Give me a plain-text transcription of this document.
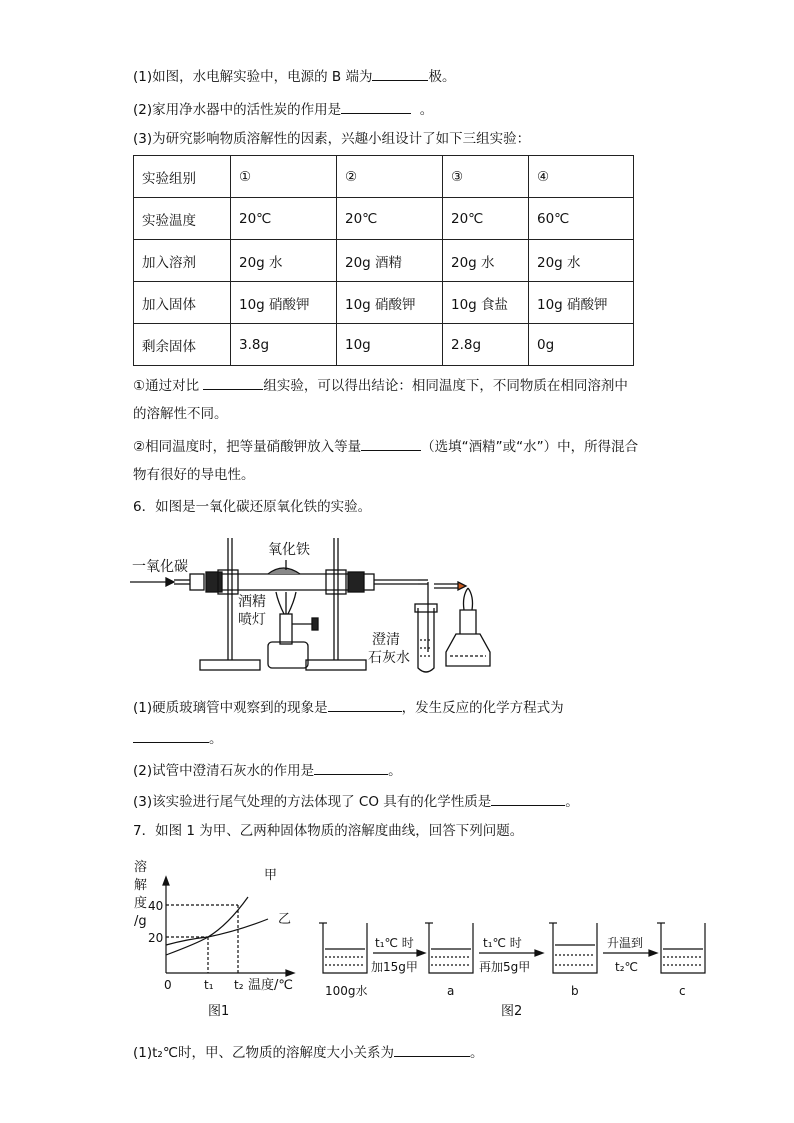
(1)如图，水电解实验中，电源的 B 端为	极。
(2)家用净水器中的活性炭的作用是	。
(3)为研究影响物质溶解性的因素，兴趣小组设计了如下三组实验：
实验组别	①	②	③	④
实验温度	20℃	20℃	20℃	60℃
加入溶剂	20g 水	20g 酒精	20g 水	20g 水
加入固体	10g 硝酸钾	10g 硝酸钾	10g 食盐	10g 硝酸钾
剩余固体	3.8g	10g	2.8g	0g
①通过对比	组实验，可以得出结论：相同温度下，不同物质在相同溶剂中
的溶解性不同。
②相同温度时，把等量硝酸钾放入等量	（选填“酒精”或“水”）中，所得混合
物有很好的导电性。
6．如图是一氧化碳还原氧化铁的实验。
一氧化碳
氧化铁
酒精
喷灯
澄清
石灰水
(1)硬质玻璃管中观察到的现象是	，发生反应的化学方程式为
。
(2)试管中澄清石灰水的作用是	。
(3)该实验进行尾气处理的方法体现了 CO 具有的化学性质是	。
7．如图 1 为甲、乙两种固体物质的溶解度曲线，回答下列问题。
溶
解
度
/g
40
20
0	t₁ t₂ 温度/℃
甲
乙
图1
t₁℃ 时
加15g甲
t₁℃ 时
再加5g甲
升温到
t₂℃
100g水	a	b	c
图2
(1)t₂℃时，甲、乙物质的溶解度大小关系为	。
